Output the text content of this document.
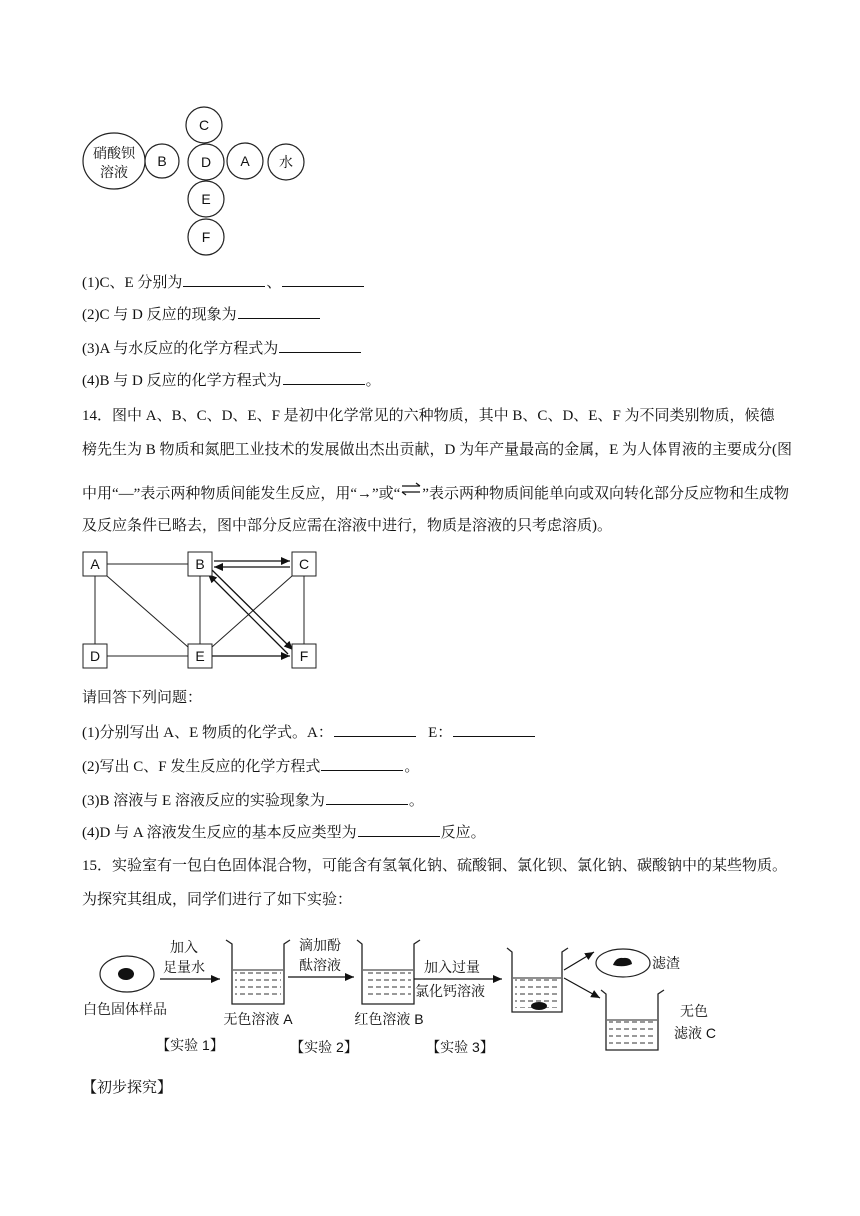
硝酸钡
溶液
B
C
D A 水
E
F
(1)C、E 分别为	、
(2)C 与 D 反应的现象为
(3)A 与水反应的化学方程式为
(4)B 与 D 反应的化学方程式为	。
14．图中 A、B、C、D、E、F 是初中化学常见的六种物质，其中 B、C、D、E、F 为不同类别物质，候德
榜先生为 B 物质和氮肥工业技术的发展做出杰出贡献，D 为年产量最高的金属，E 为人体胃液的主要成分(图
中用“—”表示两种物质间能发生反应，用“→”或“ ”表示两种物质间能单向或双向转化部分反应物和生成物
及反应条件已略去，图中部分反应需在溶液中进行，物质是溶液的只考虑溶质)。
A	B	C
D	E	F
请回答下列问题：
(1)分别写出 A、E 物质的化学式。A：	E：
(2)写出 C、F 发生反应的化学方程式	。
(3)B 溶液与 E 溶液反应的实验现象为	。
(4)D 与 A 溶液发生反应的基本反应类型为	反应。
15．实验室有一包白色固体混合物，可能含有氢氧化钠、硫酸铜、氯化钡、氯化钠、碳酸钠中的某些物质。
为探究其组成，同学们进行了如下实验：
白色固体样品
加入
足量水
无色溶液 A
滴加酚
酞溶液
红色溶液 B
加入过量
氯化钙溶液
滤渣
无色
滤液 C
【实验 1】	【实验 2】	【实验 3】
【初步探究】
